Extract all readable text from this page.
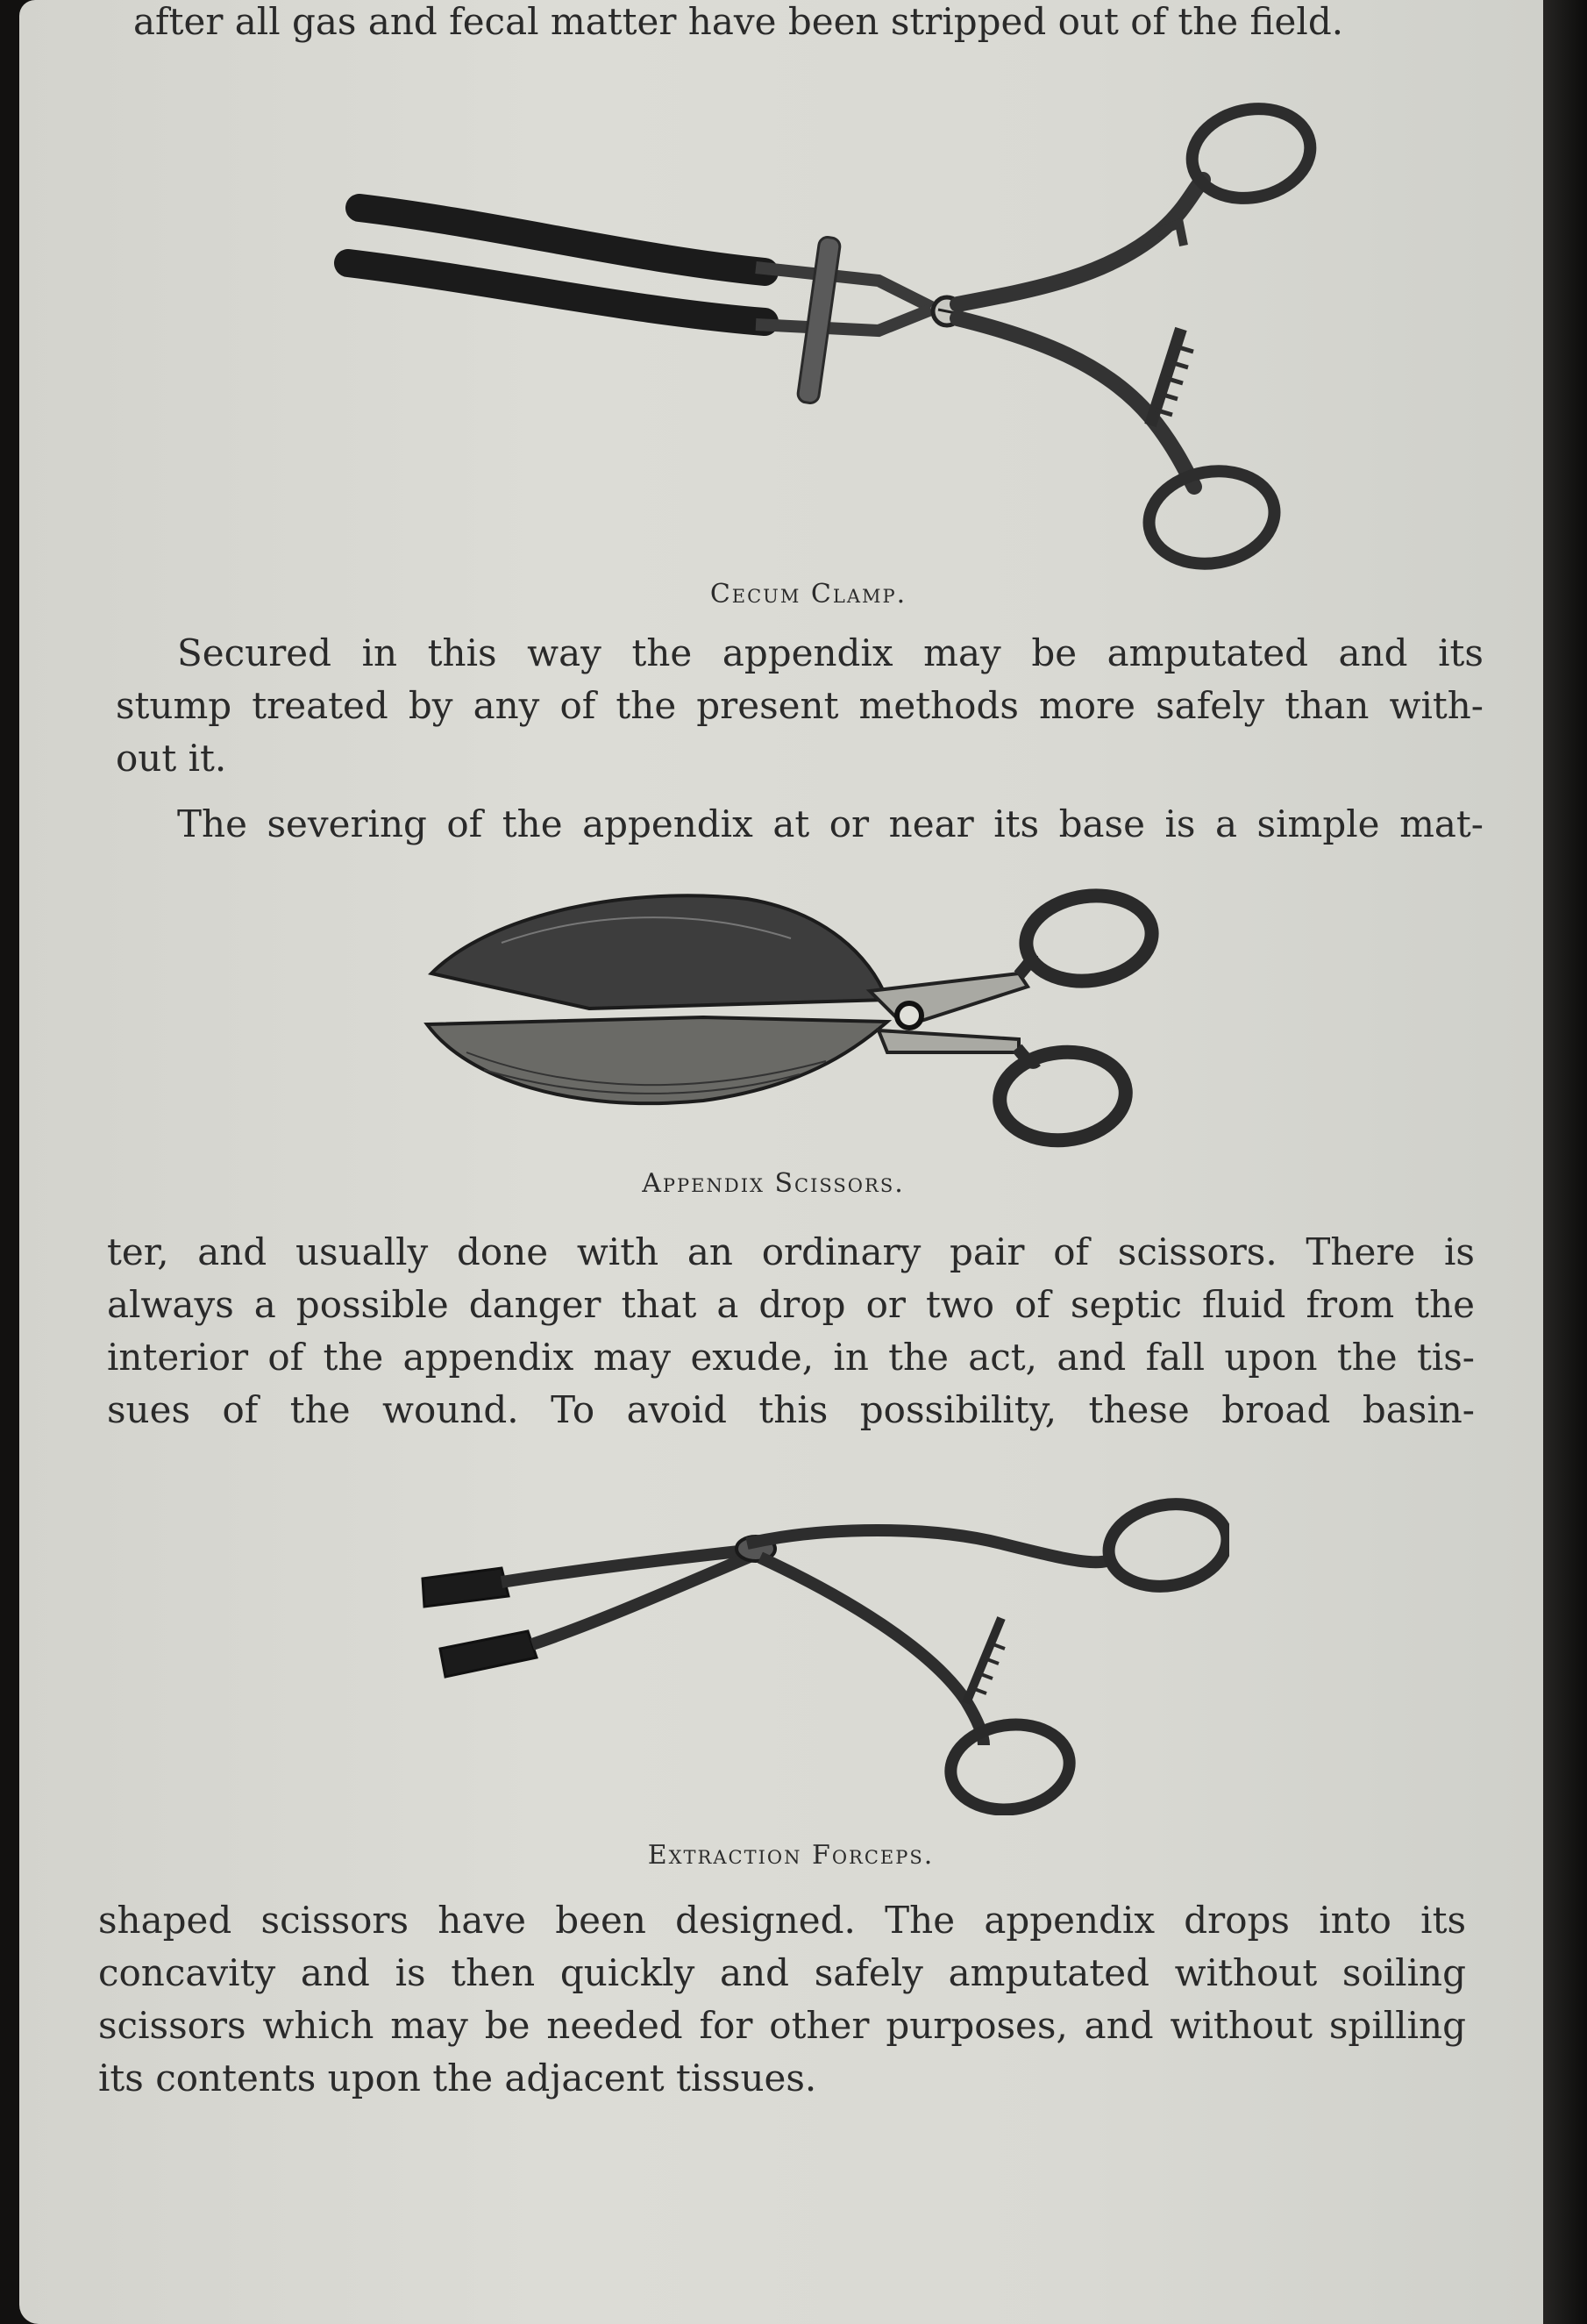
after all gas and fecal matter have been stripped out of the field.

Cecum Clamp.

Secured in this way the appendix may be amputated and its
stump treated by any of the present methods more safely than with-
out it.

The severing of the appendix at or near its base is a simple mat-

Appendix Scissors.

ter, and usually done with an ordinary pair of scissors. There is
always a possible danger that a drop or two of septic fluid from the
interior of the appendix may exude, in the act, and fall upon the tis-
sues of the wound. To avoid this possibility, these broad basin-

Extraction Forceps.

shaped scissors have been designed. The appendix drops into its
concavity and is then quickly and safely amputated without soiling
scissors which may be needed for other purposes, and without spilling
its contents upon the adjacent tissues.
